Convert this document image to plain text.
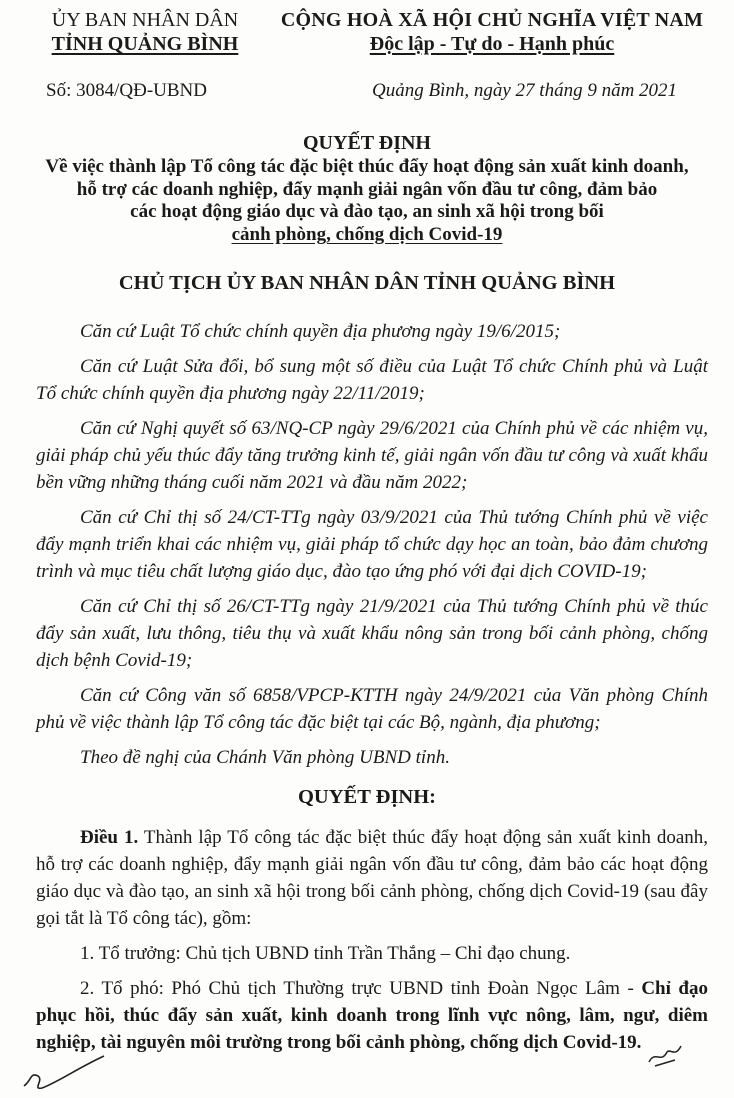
ỦY BAN NHÂN DÂN
TỈNH QUẢNG BÌNH
CỘNG HOÀ XÃ HỘI CHỦ NGHĨA VIỆT NAM
Độc lập - Tự do - Hạnh phúc
Số: 3084/QĐ-UBND	Quảng Bình, ngày 27 tháng 9 năm 2021
QUYẾT ĐỊNH
Về việc thành lập Tổ công tác đặc biệt thúc đẩy hoạt động sản xuất kinh doanh,
hỗ trợ các doanh nghiệp, đẩy mạnh giải ngân vốn đầu tư công, đảm bảo
các hoạt động giáo dục và đào tạo, an sinh xã hội trong bối
cảnh phòng, chống dịch Covid-19
CHỦ TỊCH ỦY BAN NHÂN DÂN TỈNH QUẢNG BÌNH

Căn cứ Luật Tổ chức chính quyền địa phương ngày 19/6/2015;

Căn cứ Luật Sửa đổi, bổ sung một số điều của Luật Tổ chức Chính phủ và Luật Tổ chức chính quyền địa phương ngày 22/11/2019;

Căn cứ Nghị quyết số 63/NQ-CP ngày 29/6/2021 của Chính phủ về các nhiệm vụ, giải pháp chủ yếu thúc đẩy tăng trưởng kinh tế, giải ngân vốn đầu tư công và xuất khẩu bền vững những tháng cuối năm 2021 và đầu năm 2022;

Căn cứ Chỉ thị số 24/CT-TTg ngày 03/9/2021 của Thủ tướng Chính phủ về việc đẩy mạnh triển khai các nhiệm vụ, giải pháp tổ chức dạy học an toàn, bảo đảm chương trình và mục tiêu chất lượng giáo dục, đào tạo ứng phó với đại dịch COVID-19;

Căn cứ Chỉ thị số 26/CT-TTg ngày 21/9/2021 của Thủ tướng Chính phủ về thúc đẩy sản xuất, lưu thông, tiêu thụ và xuất khẩu nông sản trong bối cảnh phòng, chống dịch bệnh Covid-19;

Căn cứ Công văn số 6858/VPCP-KTTH ngày 24/9/2021 của Văn phòng Chính phủ về việc thành lập Tổ công tác đặc biệt tại các Bộ, ngành, địa phương;

Theo đề nghị của Chánh Văn phòng UBND tỉnh.

QUYẾT ĐỊNH:

Điều 1. Thành lập Tổ công tác đặc biệt thúc đẩy hoạt động sản xuất kinh doanh, hỗ trợ các doanh nghiệp, đẩy mạnh giải ngân vốn đầu tư công, đảm bảo các hoạt động giáo dục và đào tạo, an sinh xã hội trong bối cảnh phòng, chống dịch Covid-19 (sau đây gọi tắt là Tổ công tác), gồm:

1. Tổ trưởng: Chủ tịch UBND tỉnh Trần Thắng – Chỉ đạo chung.

2. Tổ phó: Phó Chủ tịch Thường trực UBND tỉnh Đoàn Ngọc Lâm - Chỉ đạo phục hồi, thúc đẩy sản xuất, kinh doanh trong lĩnh vực nông, lâm, ngư, diêm nghiệp, tài nguyên môi trường trong bối cảnh phòng, chống dịch Covid-19.
